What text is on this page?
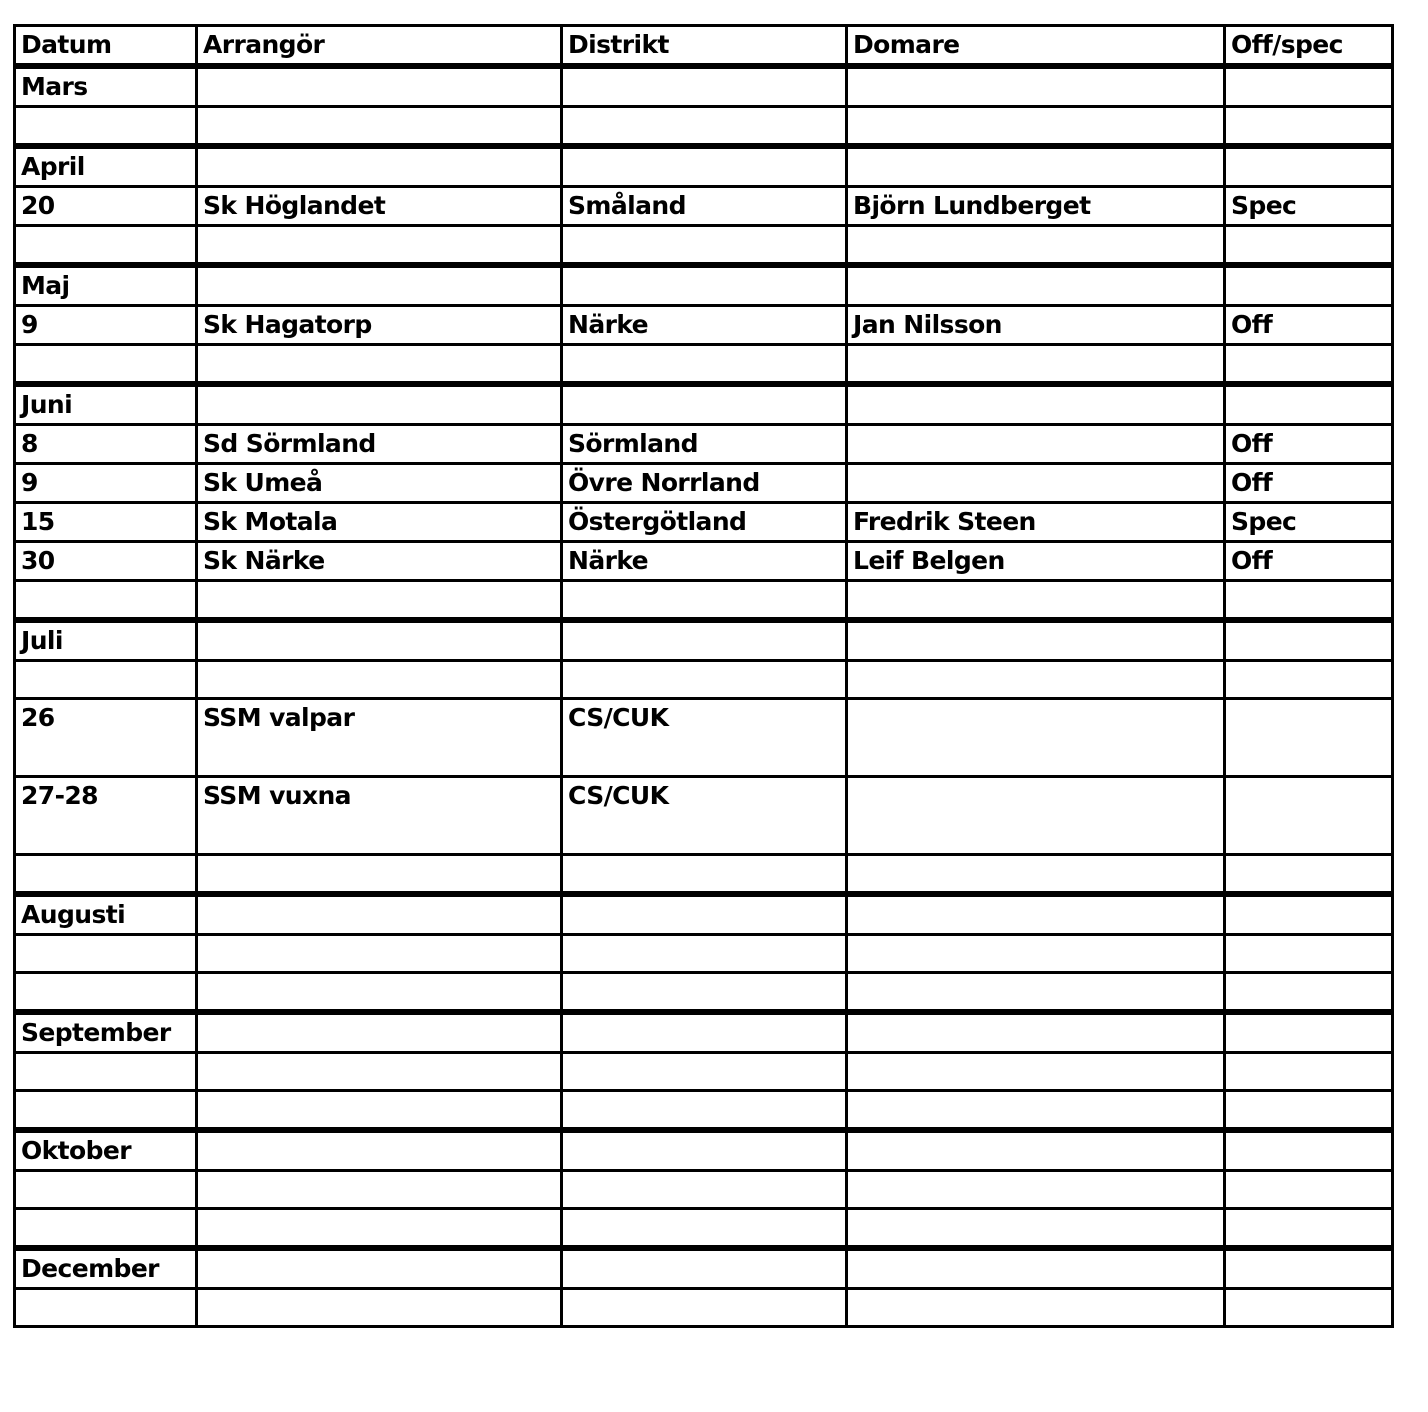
Datum	Arrangör	Distrikt	Domare	Off/spec
Mars				

April				
20	Sk Höglandet	Småland	Björn Lundberget	Spec

Maj				
9	Sk Hagatorp	Närke	Jan Nilsson	Off

Juni				
8	Sd Sörmland	Sörmland		Off
9	Sk Umeå	Övre Norrland		Off
15	Sk Motala	Östergötland	Fredrik Steen	Spec
30	Sk Närke	Närke	Leif Belgen	Off

Juli				

26	SSM valpar	CS/CUK		
27-28	SSM vuxna	CS/CUK		

Augusti				

September				

Oktober				

December				
